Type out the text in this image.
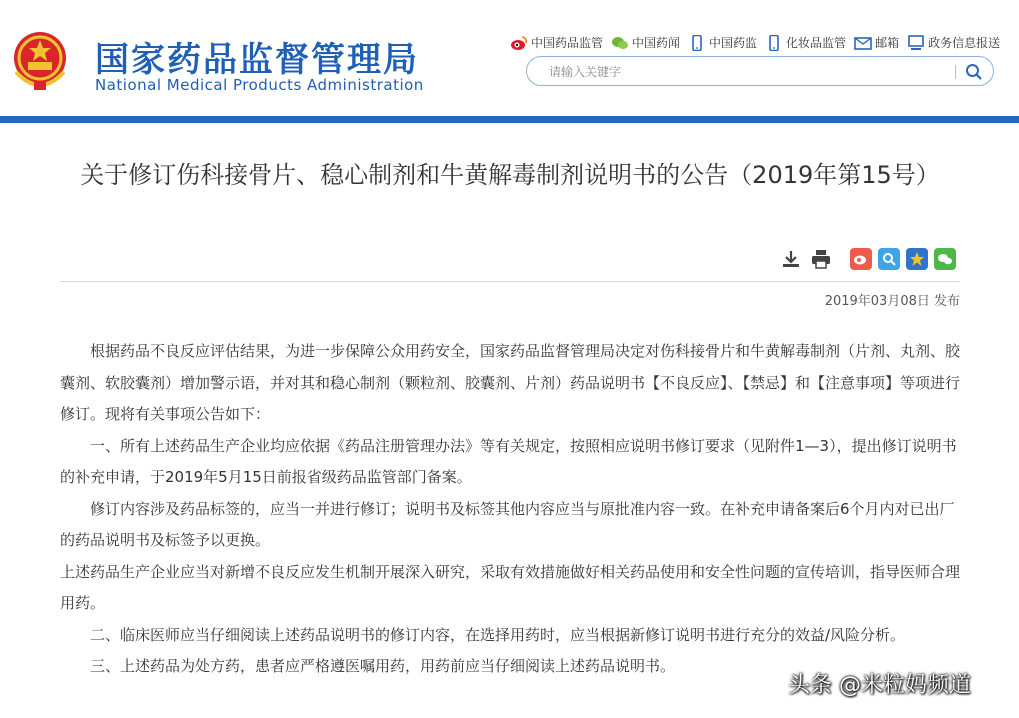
国家药品监督管理局
National Medical Products Administration
中国药品监管 中国药闻 中国药监 化妆品监管 邮箱 政务信息报送
请输入关键字
关于修订伤科接骨片、稳心制剂和牛黄解毒制剂说明书的公告（2019年第15号）
2019年03月08日 发布

根据药品不良反应评估结果，为进一步保障公众用药安全，国家药品监督管理局决定对伤科接骨片和牛黄解毒制剂（片剂、丸剂、胶囊剂、软胶囊剂）增加警示语，并对其和稳心制剂（颗粒剂、胶囊剂、片剂）药品说明书【不良反应】、【禁忌】和【注意事项】等项进行修订。现将有关事项公告如下：

一、所有上述药品生产企业均应依据《药品注册管理办法》等有关规定，按照相应说明书修订要求（见附件1—3），提出修订说明书的补充申请，于2019年5月15日前报省级药品监管部门备案。

修订内容涉及药品标签的，应当一并进行修订；说明书及标签其他内容应当与原批准内容一致。在补充申请备案后6个月内对已出厂的药品说明书及标签予以更换。

上述药品生产企业应当对新增不良反应发生机制开展深入研究，采取有效措施做好相关药品使用和安全性问题的宣传培训，指导医师合理用药。

二、临床医师应当仔细阅读上述药品说明书的修订内容，在选择用药时，应当根据新修订说明书进行充分的效益/风险分析。

三、上述药品为处方药，患者应严格遵医嘱用药，用药前应当仔细阅读上述药品说明书。

头条 @米粒妈频道
